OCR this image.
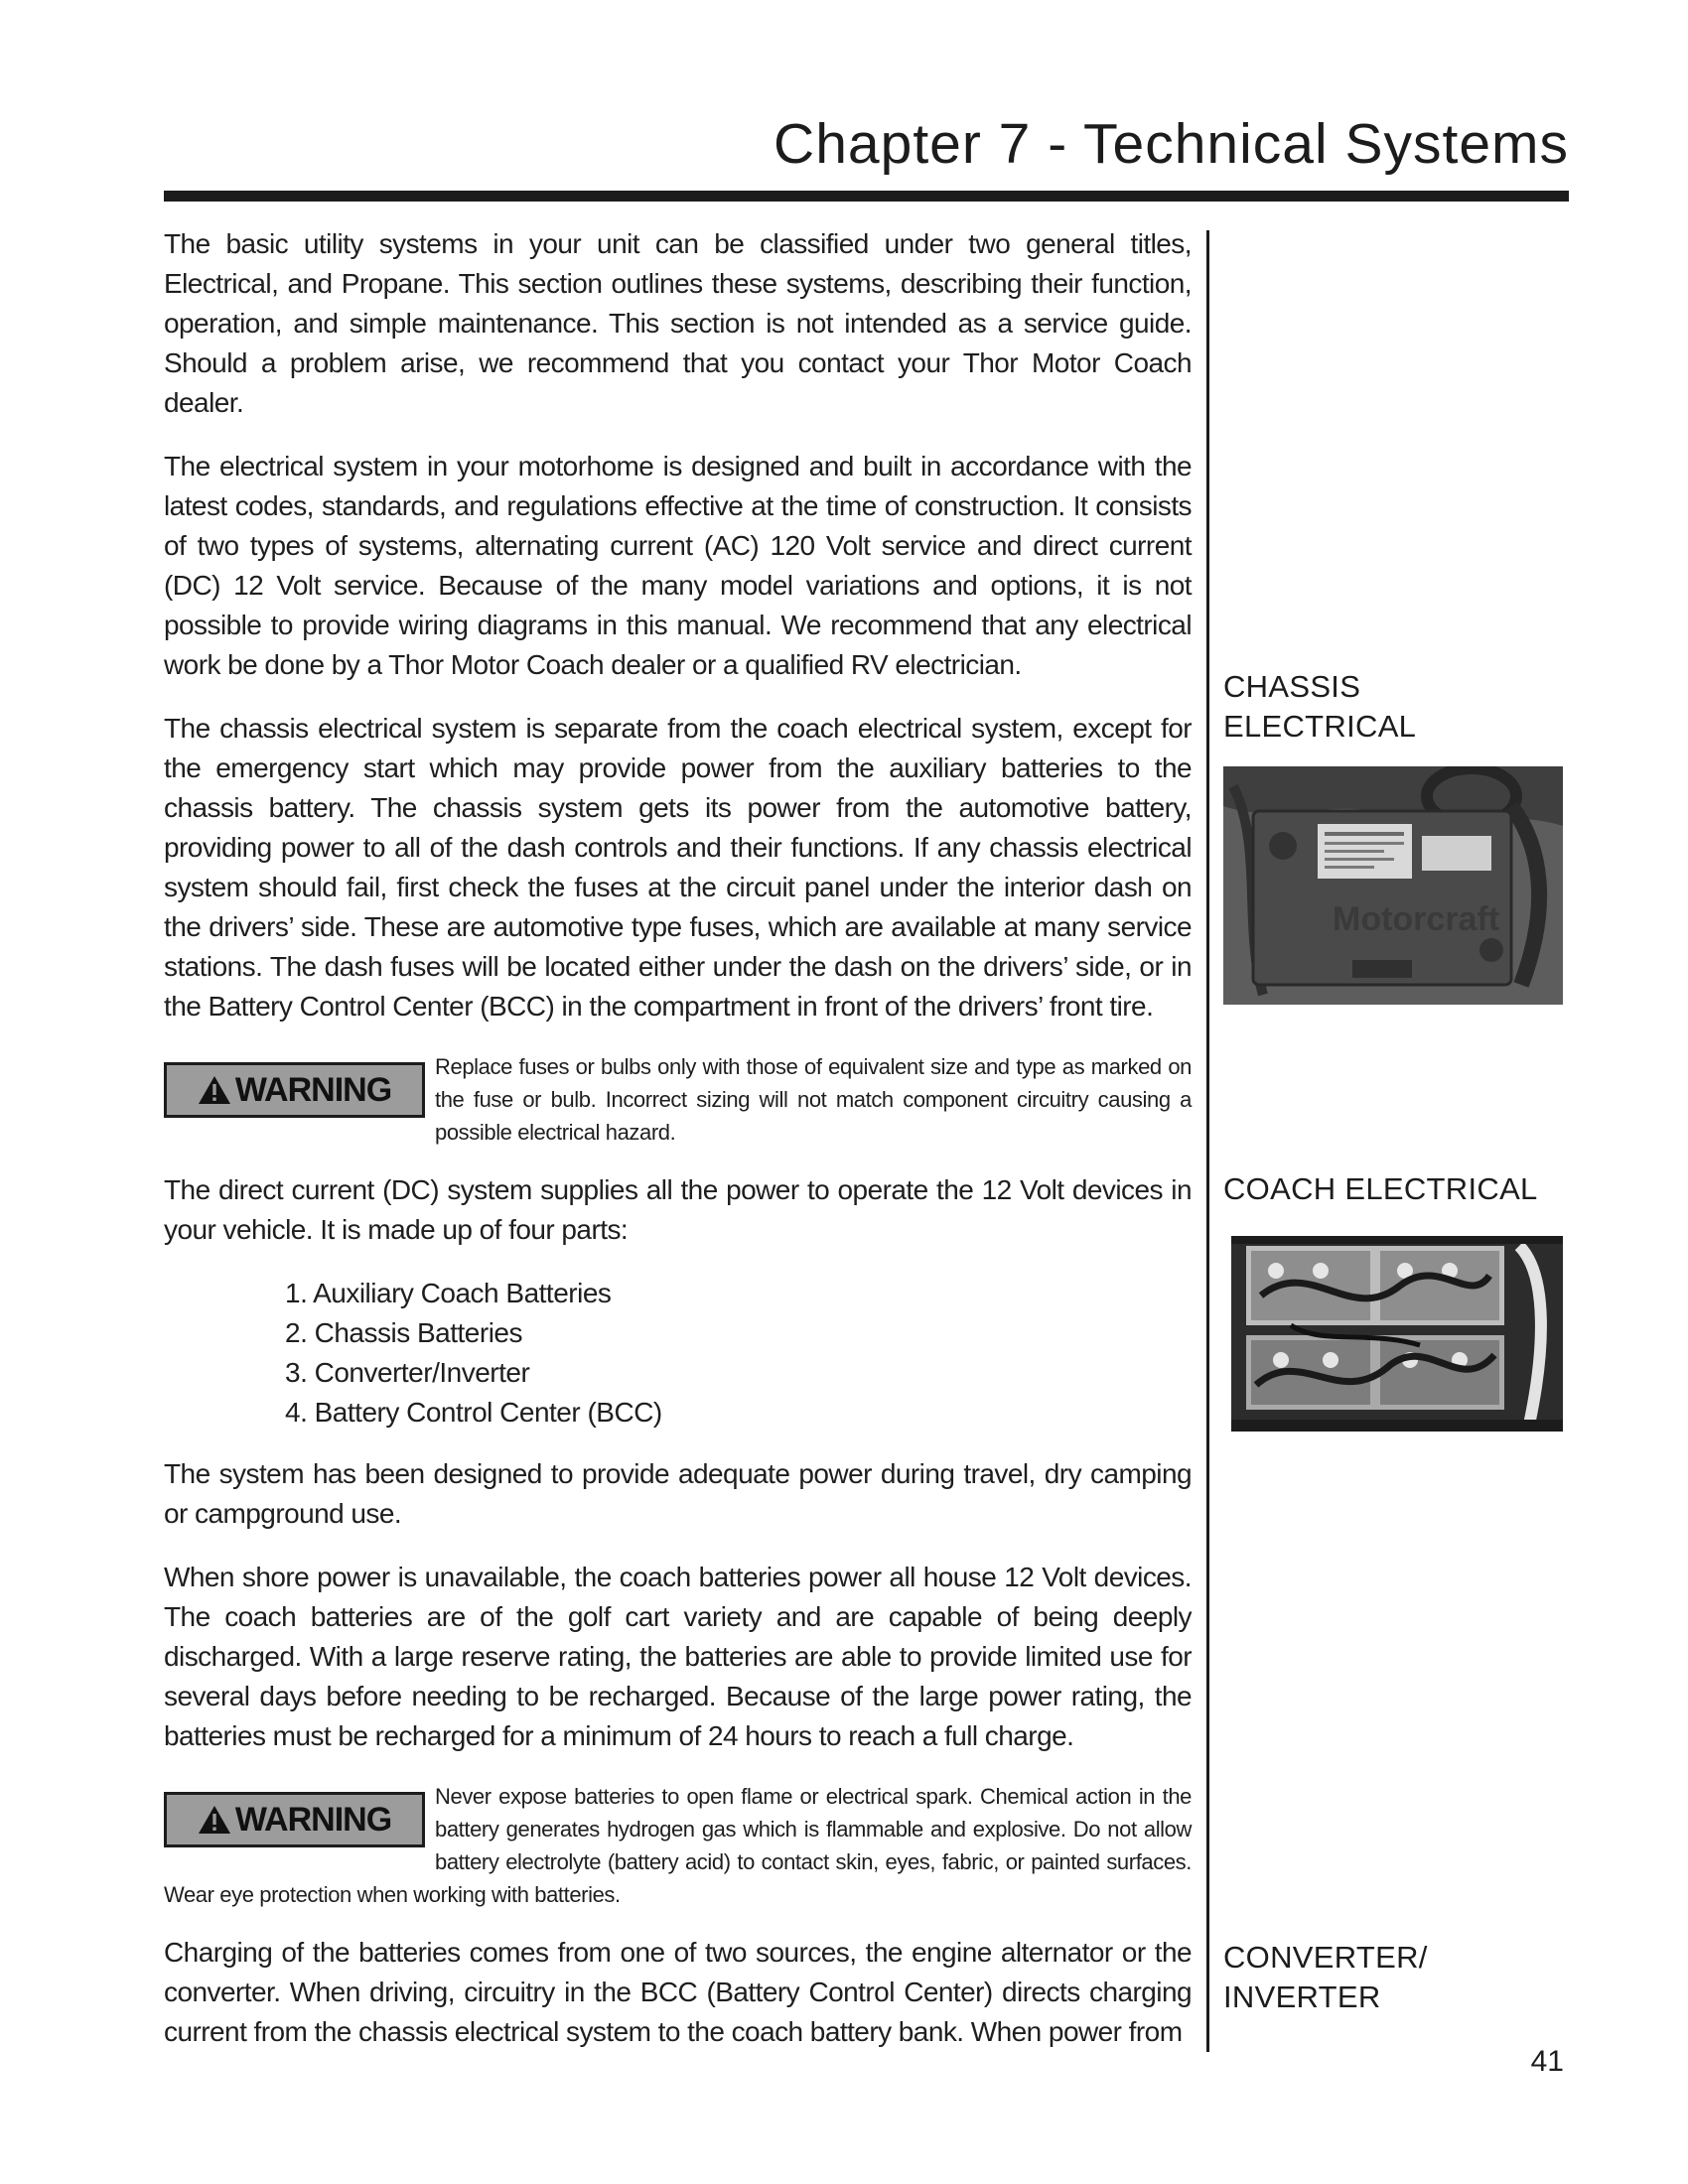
Chapter 7 - Technical Systems

The basic utility systems in your unit can be classified under two general titles, Electrical, and Propane. This section outlines these systems, describing their function, operation, and simple maintenance. This section is not intended as a service guide. Should a problem arise, we recommend that you contact your Thor Motor Coach dealer.

The electrical system in your motorhome is designed and built in accordance with the latest codes, standards, and regulations effective at the time of construction. It consists of two types of systems, alternating current (AC) 120 Volt service and direct current (DC) 12 Volt service. Because of the many model variations and options, it is not possible to provide wiring diagrams in this manual. We recommend that any electrical work be done by a Thor Motor Coach dealer or a qualified RV electrician.

The chassis electrical system is separate from the coach electrical system, except for the emergency start which may provide power from the auxiliary batteries to the chassis battery. The chassis system gets its power from the automotive battery, providing power to all of the dash controls and their functions. If any chassis electrical system should fail, first check the fuses at the circuit panel under the interior dash on the drivers’ side. These are automotive type fuses, which are available at many service stations. The dash fuses will be located either under the dash on the drivers’ side, or in the Battery Control Center (BCC) in the compartment in front of the drivers’ front tire.

WARNING
Replace fuses or bulbs only with those of equivalent size and type as marked on the fuse or bulb. Incorrect sizing will not match component circuitry causing a possible electrical hazard.

The direct current (DC) system supplies all the power to operate the 12 Volt devices in your vehicle. It is made up of four parts:

1. Auxiliary Coach Batteries
2. Chassis Batteries
3. Converter/Inverter
4. Battery Control Center (BCC)

The system has been designed to provide adequate power during travel, dry camping or campground use.

When shore power is unavailable, the coach batteries power all house 12 Volt devices. The coach batteries are of the golf cart variety and are capable of being deeply discharged. With a large reserve rating, the batteries are able to provide limited use for several days before needing to be recharged. Because of the large power rating, the batteries must be recharged for a minimum of 24 hours to reach a full charge.

WARNING
Never expose batteries to open flame or electrical spark. Chemical action in the battery generates hydrogen gas which is flammable and explosive. Do not allow battery electrolyte (battery acid) to contact skin, eyes, fabric, or painted surfaces. Wear eye protection when working with batteries.

Charging of the batteries comes from one of two sources, the engine alternator or the converter. When driving, circuitry in the BCC (Battery Control Center) directs charging current from the chassis electrical system to the coach battery bank. When power from

CHASSIS
ELECTRICAL
Motorcraft
COACH ELECTRICAL
CONVERTER/
INVERTER
41
